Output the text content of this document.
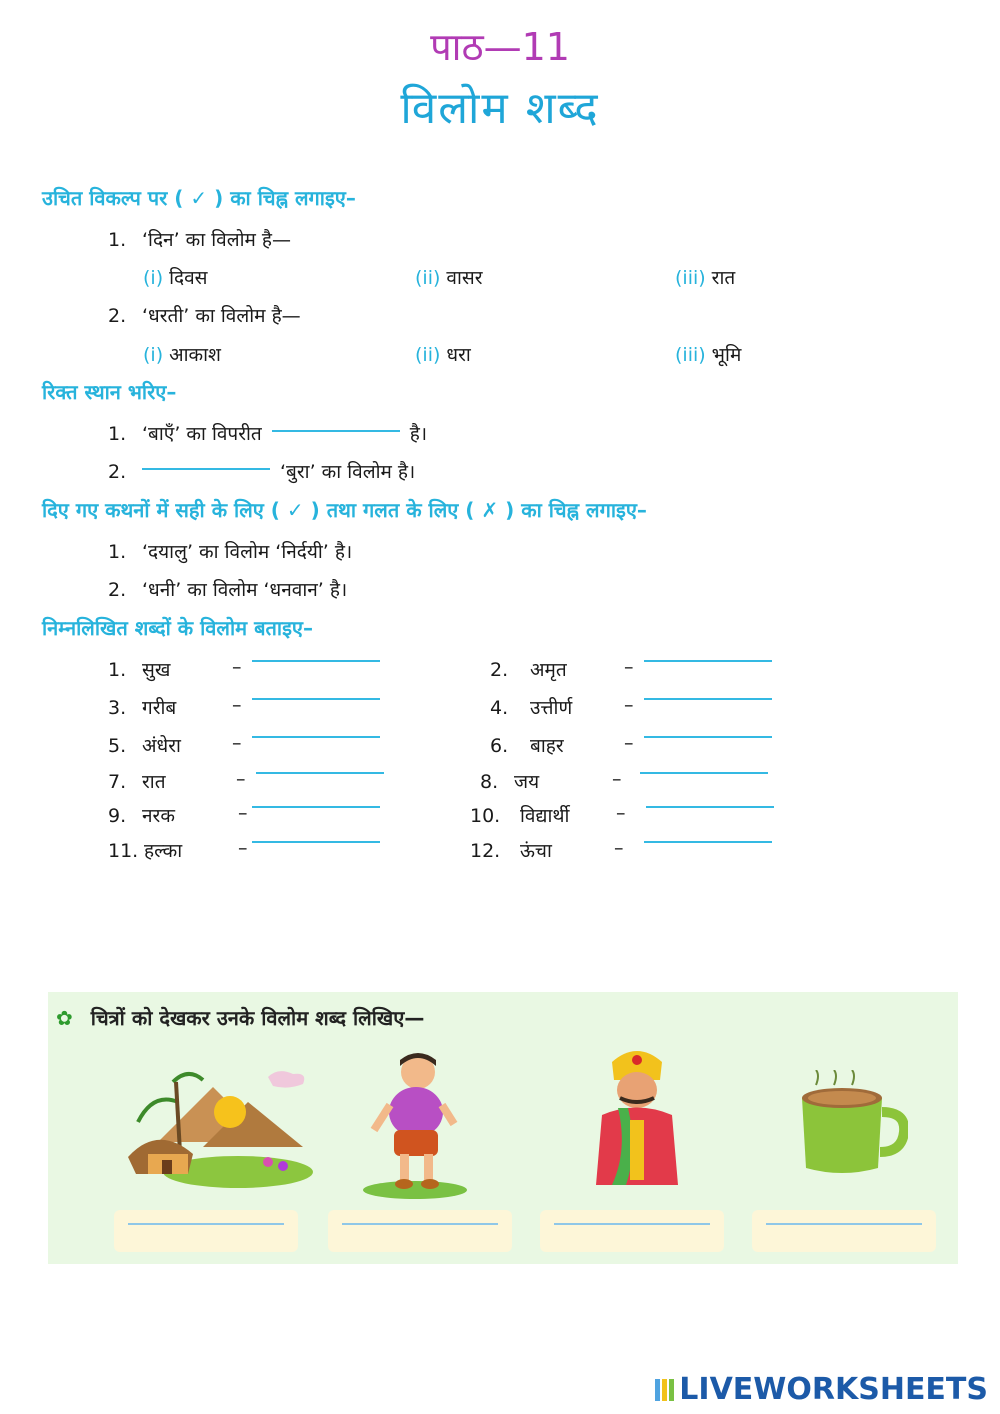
पाठ—11
विलोम शब्द
उचित विकल्प पर ( ✓ ) का चिह्न लगाइए–
1. ‘दिन’ का विलोम है—
(i) दिवस	(ii) वासर	(iii) रात
2. ‘धरती’ का विलोम है—
(i) आकाश	(ii) धरा	(iii) भूमि
रिक्त स्थान भरिए–
1. ‘बाएँ’ का विपरीत	है।
2.	‘बुरा’ का विलोम है।
दिए गए कथनों में सही के लिए ( ✓ ) तथा गलत के लिए ( ✗ ) का चिह्न लगाइए–
1. ‘दयालु’ का विलोम ‘निर्दयी’ है।
2. ‘धनी’ का विलोम ‘धनवान’ है।
निम्नलिखित शब्दों के विलोम बताइए–
1. सुख	–	2. अमृत	–
3. गरीब	–	4. उत्तीर्ण	–
5. अंधेरा	–	6. बाहर	–
7. रात	–	8. जय	–
9. नरक	–	10. विद्यार्थी –
11. हल्का	–	12. ऊंचा	–
✿ चित्रों को देखकर उनके विलोम शब्द लिखिए—
LIVEWORKSHEETS
